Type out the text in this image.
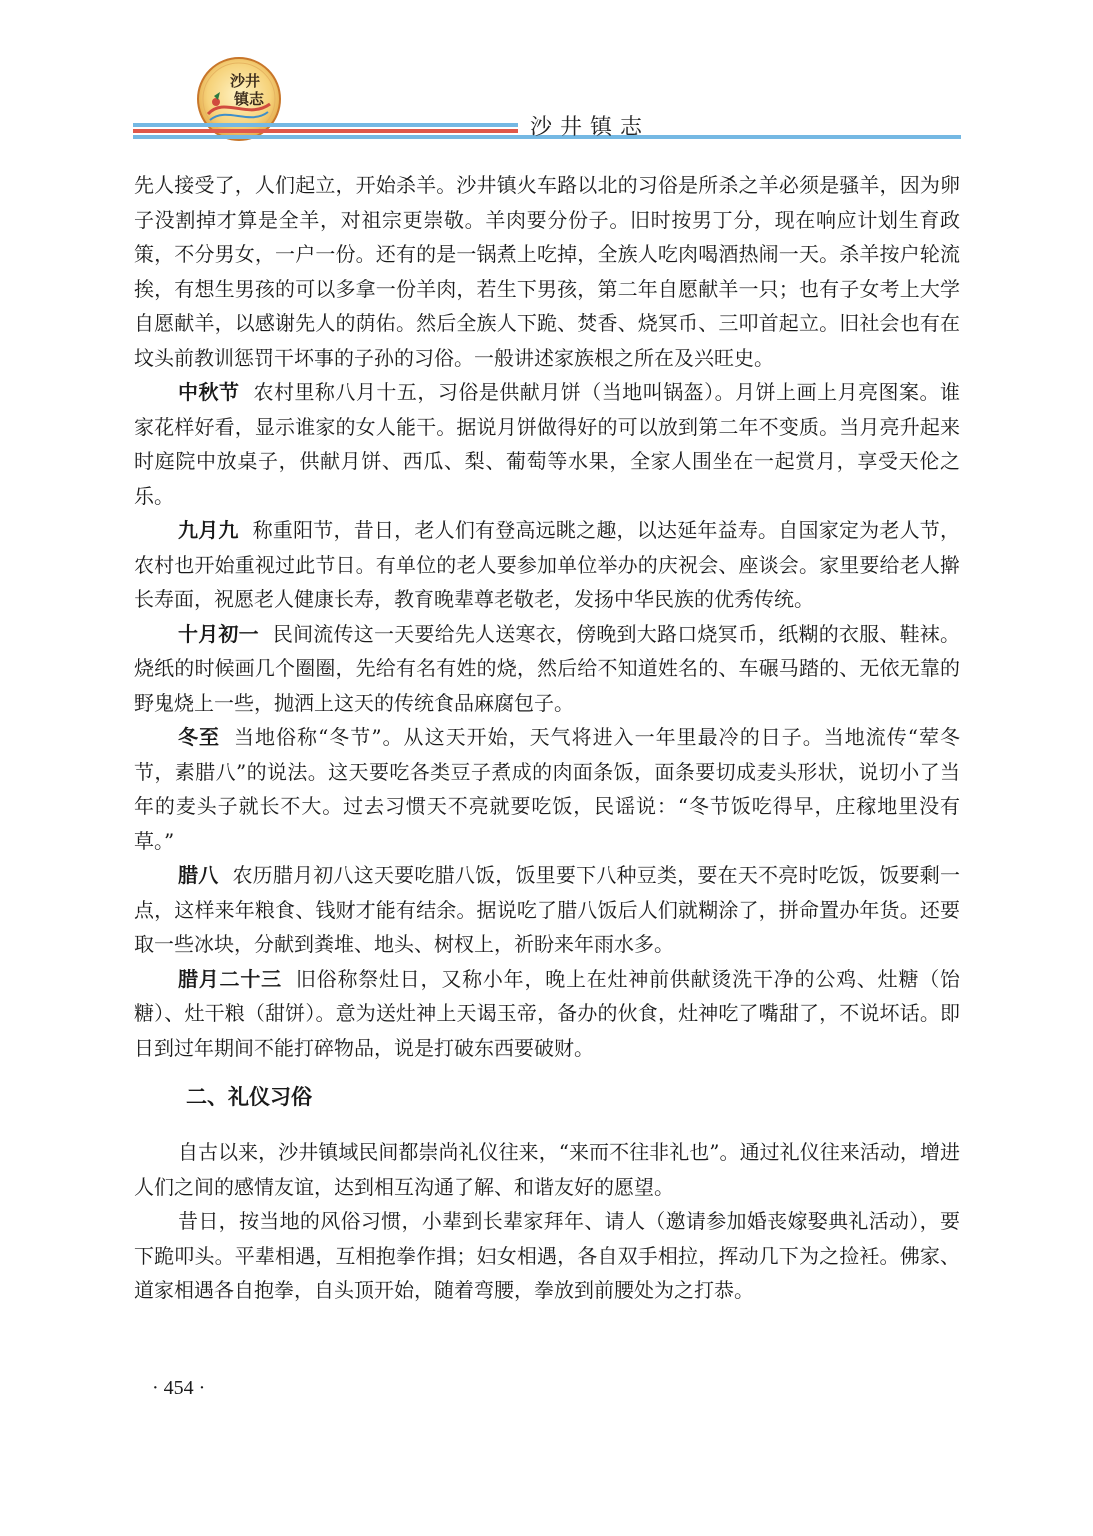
沙井
镇志
沙井镇志

先人接受了，人们起立，开始杀羊。沙井镇火车路以北的习俗是所杀之羊必须是骚羊，因为卵子没割掉才算是全羊，对祖宗更崇敬。羊肉要分份子。旧时按男丁分，现在响应计划生育政策，不分男女，一户一份。还有的是一锅煮上吃掉，全族人吃肉喝酒热闹一天。杀羊按户轮流挨，有想生男孩的可以多拿一份羊肉，若生下男孩，第二年自愿献羊一只；也有子女考上大学自愿献羊，以感谢先人的荫佑。然后全族人下跪、焚香、烧冥币、三叩首起立。旧社会也有在坟头前教训惩罚干坏事的子孙的习俗。一般讲述家族根之所在及兴旺史。

中秋节 农村里称八月十五，习俗是供献月饼（当地叫锅盔）。月饼上画上月亮图案。谁家花样好看，显示谁家的女人能干。据说月饼做得好的可以放到第二年不变质。当月亮升起来时庭院中放桌子，供献月饼、西瓜、梨、葡萄等水果，全家人围坐在一起赏月，享受天伦之乐。

九月九 称重阳节，昔日，老人们有登高远眺之趣，以达延年益寿。自国家定为老人节，农村也开始重视过此节日。有单位的老人要参加单位举办的庆祝会、座谈会。家里要给老人擀长寿面，祝愿老人健康长寿，教育晚辈尊老敬老，发扬中华民族的优秀传统。

十月初一 民间流传这一天要给先人送寒衣，傍晚到大路口烧冥币，纸糊的衣服、鞋袜。烧纸的时候画几个圈圈，先给有名有姓的烧，然后给不知道姓名的、车碾马踏的、无依无靠的野鬼烧上一些，抛洒上这天的传统食品麻腐包子。

冬至 当地俗称“冬节”。从这天开始，天气将进入一年里最冷的日子。当地流传“荤冬节，素腊八”的说法。这天要吃各类豆子煮成的肉面条饭，面条要切成麦头形状，说切小了当年的麦头子就长不大。过去习惯天不亮就要吃饭，民谣说：“冬节饭吃得早，庄稼地里没有草。”

腊八 农历腊月初八这天要吃腊八饭，饭里要下八种豆类，要在天不亮时吃饭，饭要剩一点，这样来年粮食、钱财才能有结余。据说吃了腊八饭后人们就糊涂了，拼命置办年货。还要取一些冰块，分献到粪堆、地头、树杈上，祈盼来年雨水多。

腊月二十三 旧俗称祭灶日，又称小年，晚上在灶神前供献烫洗干净的公鸡、灶糖（饴糖）、灶干粮（甜饼）。意为送灶神上天谒玉帝，备办的伙食，灶神吃了嘴甜了，不说坏话。即日到过年期间不能打碎物品，说是打破东西要破财。

二、礼仪习俗

自古以来，沙井镇域民间都崇尚礼仪往来，“来而不往非礼也”。通过礼仪往来活动，增进人们之间的感情友谊，达到相互沟通了解、和谐友好的愿望。

昔日，按当地的风俗习惯，小辈到长辈家拜年、请人（邀请参加婚丧嫁娶典礼活动），要下跪叩头。平辈相遇，互相抱拳作揖；妇女相遇，各自双手相拉，挥动几下为之捡衽。佛家、道家相遇各自抱拳，自头顶开始，随着弯腰，拳放到前腰处为之打恭。

· 454 ·
